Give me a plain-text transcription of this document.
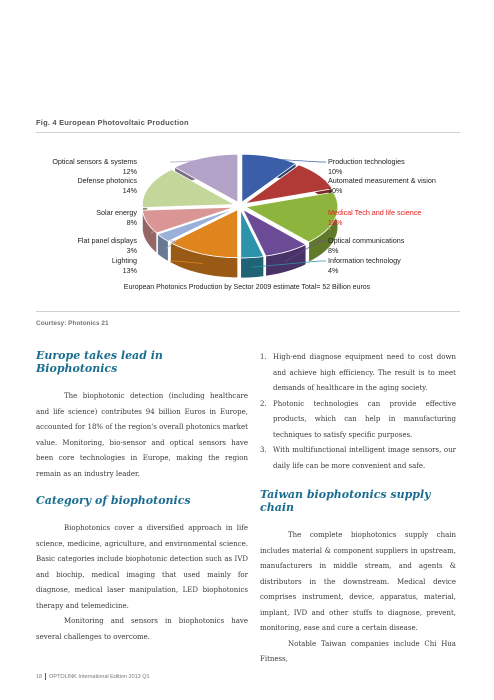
Fig. 4 European Photovoltaic Production
Optical sensors & systems
12%
Defense photonics
14%
Solar energy
8%
Flat panel displays
3%
Lighting
13%
Production technologies
10%
Automated measurement & vision
10%
Medical Tech and life science
18%
Optical communications
8%
Information technology
4%
European Photonics Production by Sector 2009 estimate Total= 52 Billion euros
Courtesy: Photonics 21
Europe takes lead in Biophotonics

The biophotonic detection (including healthcare and life science) contributes 94 billion Euros in Europe, accounted for 18% of the region's overall photonics market value. Monitoring, bio-sensor and optical sensors have been core technologies in Europe, making the region remain as an industry leader.

Category of biophotonics

Biophotonics cover a diversified approach in life science, medicine, agriculture, and environmental science. Basic categories include biophotonic detection such as IVD and biochip, medical imaging that used mainly for diagnose, medical laser manipulation, LED biophotonics therapy and telemedicine.

Monitoring and sensors in biophotonics have several challenges to overcome.

1. High-end diagnose equipment need to cost down and achieve high efficiency. The result is to meet demands of healthcare in the aging society.
2. Photonic technologies can provide effective products, which can help in manufacturing techniques to satisfy specific purposes.
3. With multifunctional intelligent image sensors, our daily life can be more convenient and safe.
Taiwan biophotonics supply chain

The complete biophotonics supply chain includes material & component suppliers in upstream, manufacturers in middle stream, and agents & distributors in the downstream. Medical device comprises instrument, device, apparatus, material, implant, IVD and other stuffs to diagnose, prevent, monitoring, ease and cure a certain disease.

Notable Taiwan companies include Chi Hua Fitness,

18 OPTOLINK International Edition 2013 Q1
